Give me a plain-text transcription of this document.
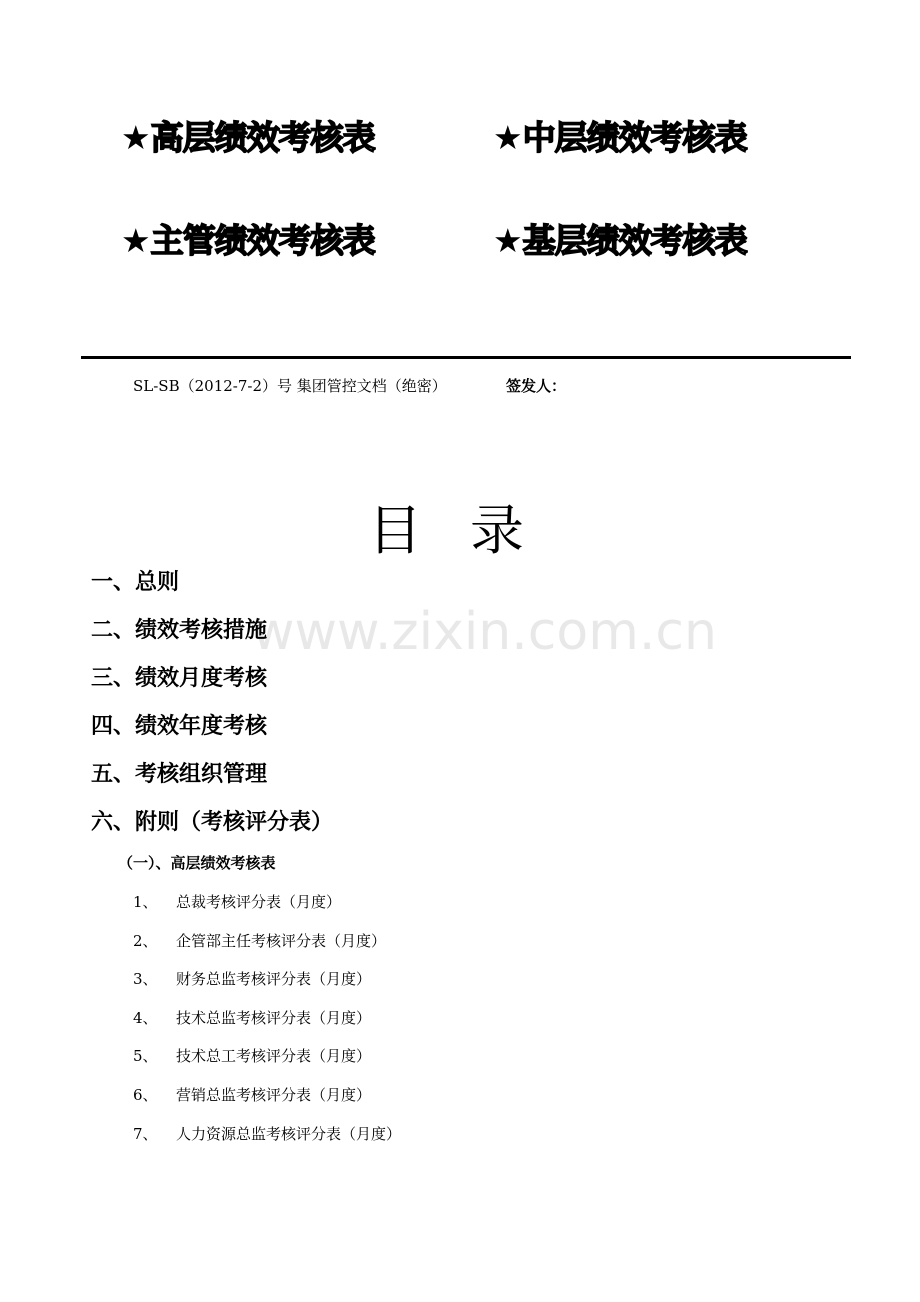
★高层绩效考核表	★中层绩效考核表
★主管绩效考核表	★基层绩效考核表
SL-SB（2012-7-2）号 集团管控文档（绝密）	签发人：
www.zixin.com.cn
目 录
一、总则
二、绩效考核措施
三、绩效月度考核
四、绩效年度考核
五、考核组织管理
六、附则（考核评分表）
（一）、高层绩效考核表
1、 总裁考核评分表（月度）
2、 企管部主任考核评分表（月度）
3、 财务总监考核评分表（月度）
4、 技术总监考核评分表（月度）
5、 技术总工考核评分表（月度）
6、 营销总监考核评分表（月度）
7、 人力资源总监考核评分表（月度）
